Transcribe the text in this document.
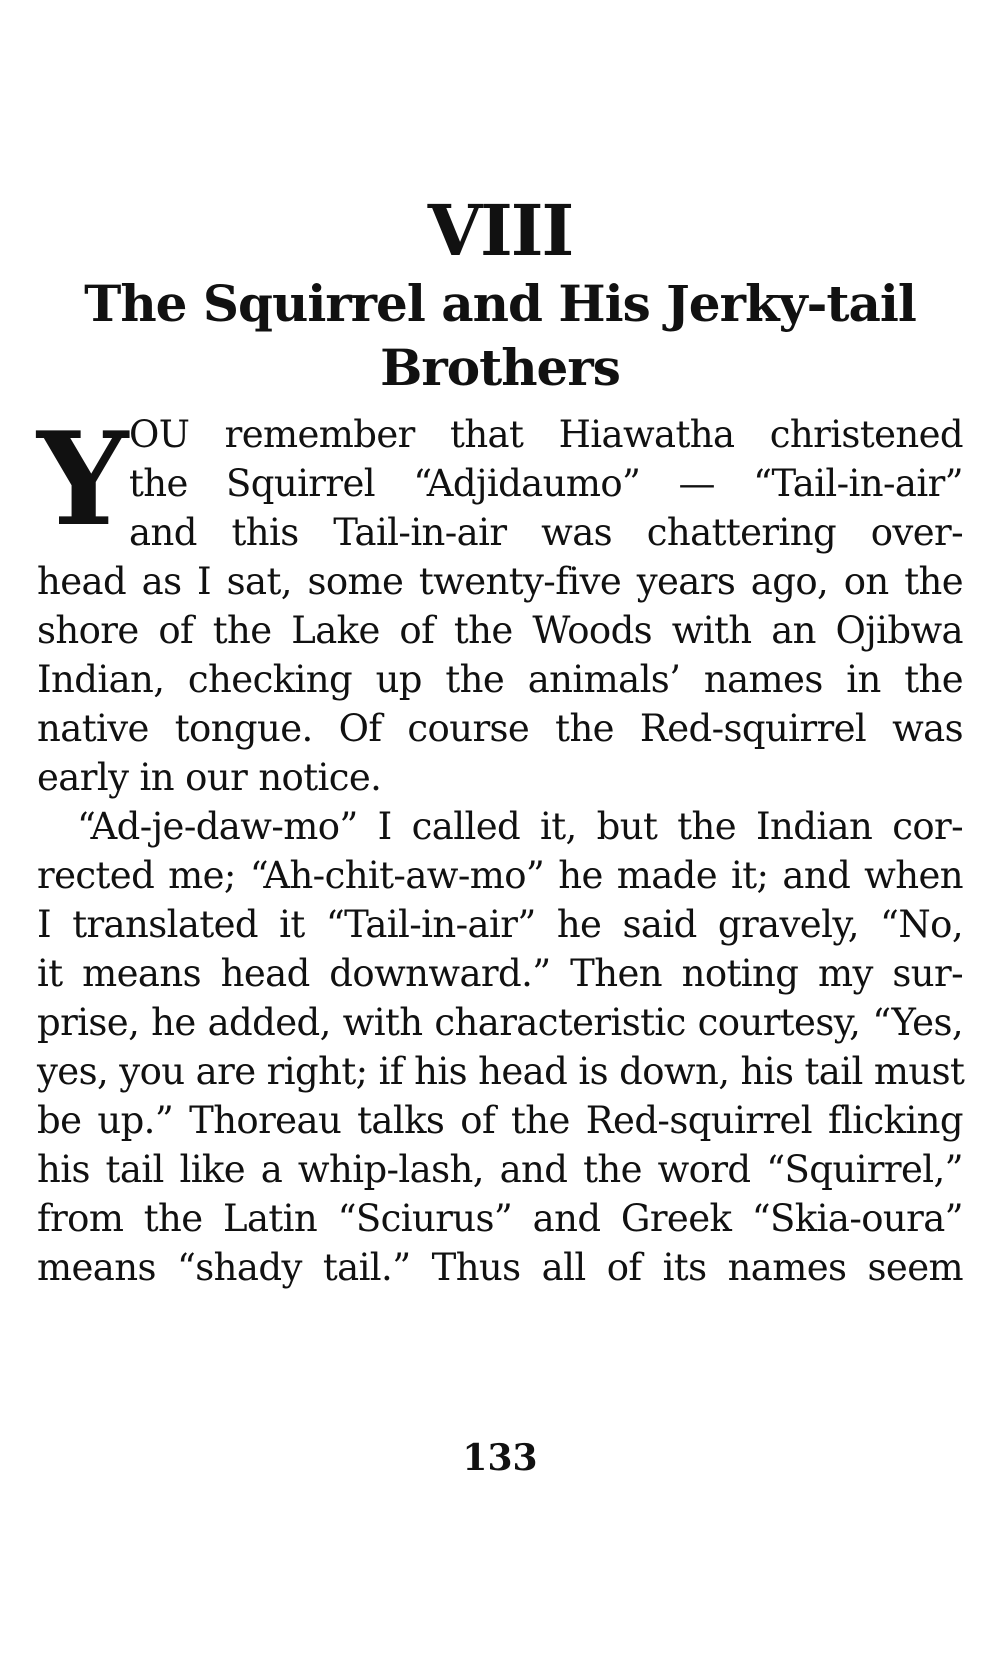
VIII
The Squirrel and His Jerky-tail
Brothers
Y OU remember that Hiawatha christened
the Squirrel “Adjidaumo” — “Tail-in-air”
and this Tail-in-air was chattering over-
head as I sat, some twenty-five years ago, on the
shore of the Lake of the Woods with an Ojibwa
Indian, checking up the animals’ names in the
native tongue. Of course the Red-squirrel was
early in our notice.
“Ad-je-daw-mo” I called it, but the Indian cor-
rected me; “Ah-chit-aw-mo” he made it; and when
I translated it “Tail-in-air” he said gravely, “No,
it means head downward.” Then noting my sur-
prise, he added, with characteristic courtesy, “Yes,
yes, you are right; if his head is down, his tail must
be up.” Thoreau talks of the Red-squirrel flicking
his tail like a whip-lash, and the word “Squirrel,”
from the Latin “Sciurus” and Greek “Skia-oura”
means “shady tail.” Thus all of its names seem
133
